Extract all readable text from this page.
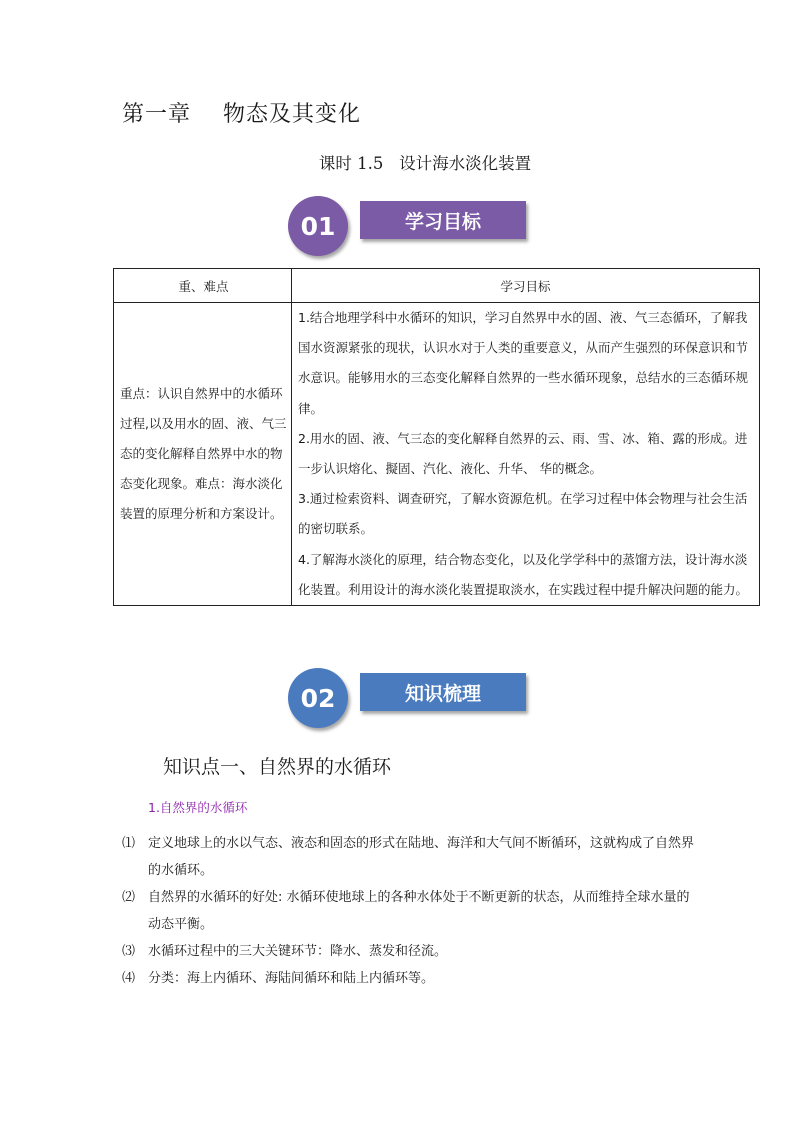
第一章    物态及其变化
课时 1.5   设计海水淡化装置
01	学习目标
重、难点	学习目标
重点：认识自然界中的水循环过程,以及用水的固、液、气三态的变化解释自然界中水的物态变化现象。难点：海水淡化装置的原理分析和方案设计。	1.结合地理学科中水循环的知识，学习自然界中水的固、液、气三态循环，了解我国水资源紧张的现状，认识水对于人类的重要意义，从而产生强烈的环保意识和节水意识。能够用水的三态变化解释自然界的一些水循环现象，总结水的三态循环规律。
2.用水的固、液、气三态的变化解释自然界的云、雨、雪、冰、箱、露的形成。进一步认识熔化、擬固、汽化、液化、升华、 华的概念。
3.通过检索资料、调查研究，了解水资源危机。在学习过程中体会物理与社会生活的密切联系。
4.了解海水淡化的原理，结合物态变化，以及化学学科中的蒸馏方法，设计海水淡化装置。利用设计的海水淡化装置提取淡水，在实践过程中提升解决问题的能力。
02	知识梳理
知识点一、自然界的水循环
1.自然界的水循环
⑴ 定义地球上的水以气态、液态和固态的形式在陆地、海洋和大气间不断循环，这就构成了自然界的水循环。
⑵ 自然界的水循环的好处: 水循环使地球上的各种水体处于不断更新的状态，从而维持全球水量的动态平衡。
⑶ 水循环过程中的三大关键环节：降水、蒸发和径流。
⑷ 分类：海上内循环、海陆间循环和陆上内循环等。
